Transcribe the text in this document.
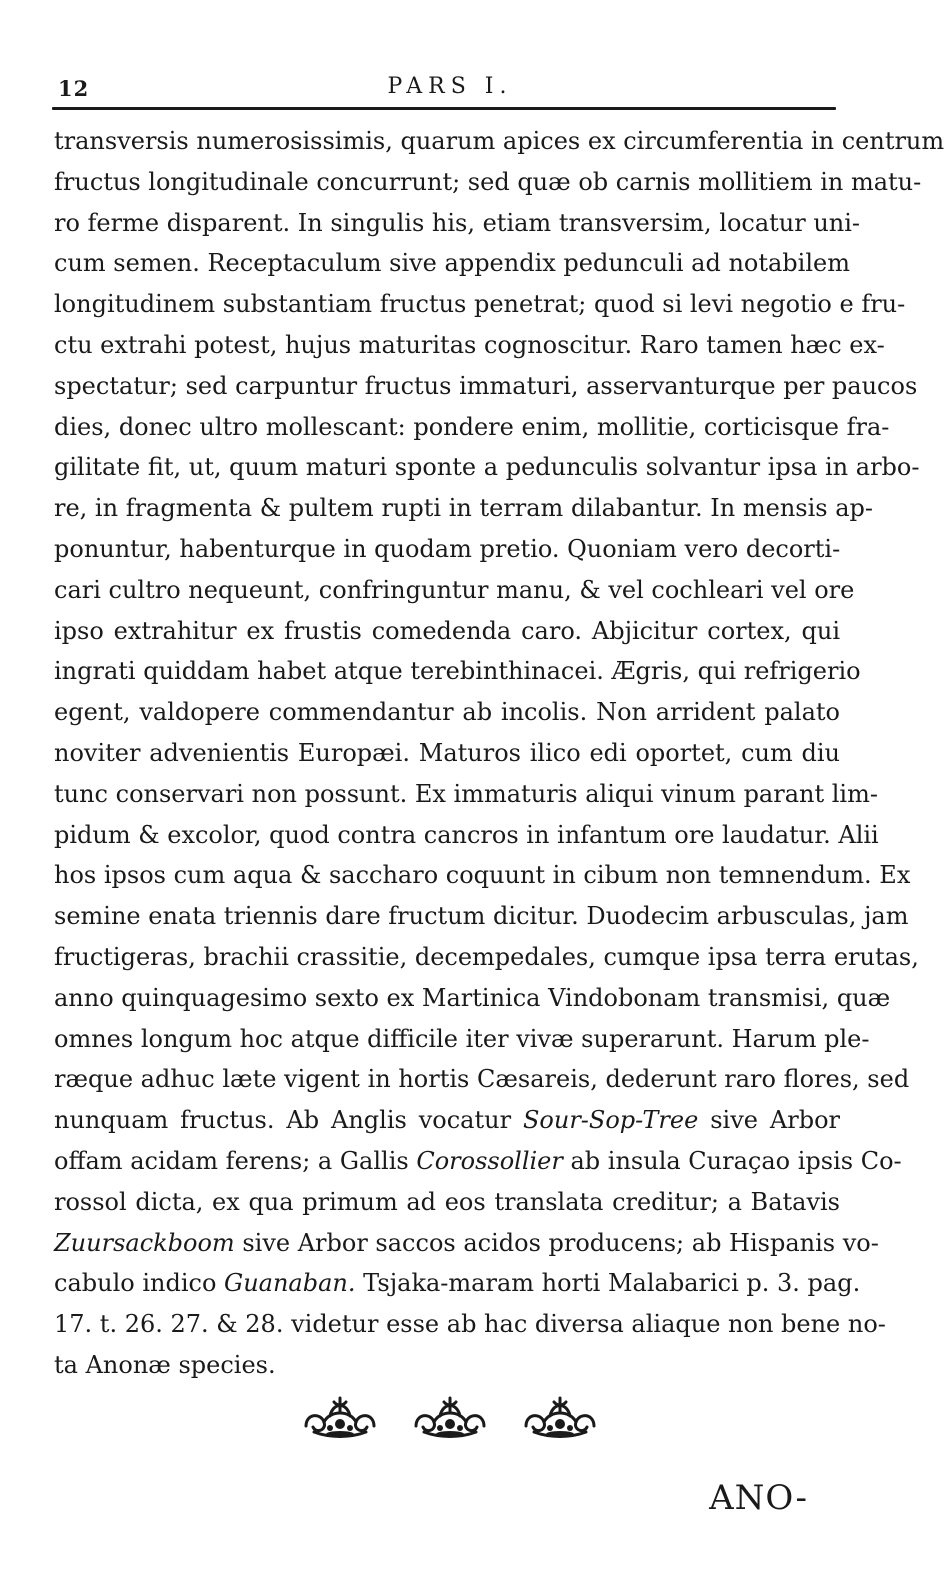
12	PARS I.
transversis numerosissimis, quarum apices ex circumferentia in centrum
fructus longitudinale concurrunt; sed quæ ob carnis mollitiem in matu-
ro ferme disparent. In singulis his, etiam transversim, locatur uni-
cum semen. Receptaculum sive appendix pedunculi ad notabilem
longitudinem substantiam fructus penetrat; quod si levi negotio e fru-
ctu extrahi potest, hujus maturitas cognoscitur. Raro tamen hæc ex-
spectatur; sed carpuntur fructus immaturi, asservanturque per paucos
dies, donec ultro mollescant: pondere enim, mollitie, corticisque fra-
gilitate fit, ut, quum maturi sponte a pedunculis solvantur ipsa in arbo-
re, in fragmenta & pultem rupti in terram dilabantur. In mensis ap-
ponuntur, habenturque in quodam pretio. Quoniam vero decorti-
cari cultro nequeunt, confringuntur manu, & vel cochleari vel ore
ipso extrahitur ex frustis comedenda caro. Abjicitur cortex, qui
ingrati quiddam habet atque terebinthinacei. Ægris, qui refrigerio
egent, valdopere commendantur ab incolis. Non arrident palato
noviter advenientis Europæi. Maturos ilico edi oportet, cum diu
tunc conservari non possunt. Ex immaturis aliqui vinum parant lim-
pidum & excolor, quod contra cancros in infantum ore laudatur. Alii
hos ipsos cum aqua & saccharo coquunt in cibum non temnendum. Ex
semine enata triennis dare fructum dicitur. Duodecim arbusculas, jam
fructigeras, brachii crassitie, decempedales, cumque ipsa terra erutas,
anno quinquagesimo sexto ex Martinica Vindobonam transmisi, quæ
omnes longum hoc atque difficile iter vivæ superarunt. Harum ple-
ræque adhuc læte vigent in hortis Cæsareis, dederunt raro flores, sed
nunquam fructus. Ab Anglis vocatur Sour-Sop-Tree sive Arbor
offam acidam ferens; a Gallis Corossollier ab insula Curaçao ipsis Co-
rossol dicta, ex qua primum ad eos translata creditur; a Batavis
Zuursackboom sive Arbor saccos acidos producens; ab Hispanis vo-
cabulo indico Guanaban. Tsjaka-maram horti Malabarici p. 3. pag.
17. t. 26. 27. & 28. videtur esse ab hac diversa aliaque non bene no-
ta Anonæ species.
ANO-
